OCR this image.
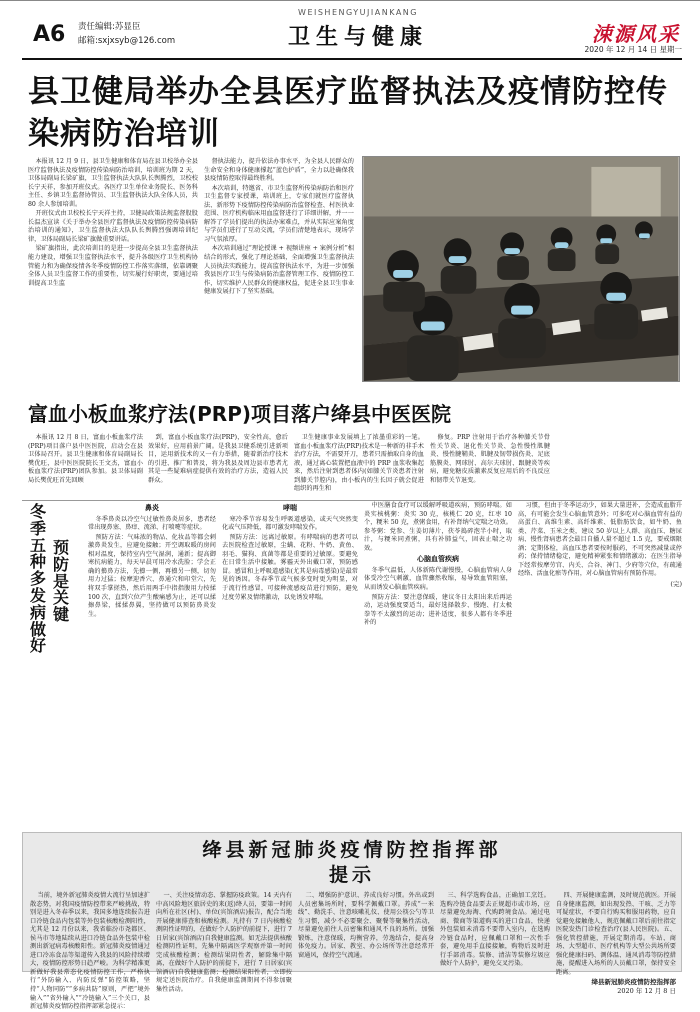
A6 责任编辑:苏显臣
邮箱:sxjxsyb@126.com
WEISHENGYUJIANKANG
卫生与健康	涑源风采
2020 年 12 月 14 日 星期一
县卫健局举办全县医疗监督执法及疫情防控传染病防治培训

本报讯 12 月 9 日，县卫生健康和体育局在县卫校举办全县医疗监督执法及疫情防控传染病防治培训，培训班为期 2 天，卫体局副局长梁矿旗，卫生监督执法大队队长舆腾烈，卫校校长宁天祥，参加开班仪式。各医疗卫生单位业务院长、医务科主任、乡镇卫生监督协管员、卫生监督执法大队全体人员，共 80 余人参加培训。

开班仪式由卫校校长宁天祥主持，卫健局政策法规监督股股长温杰宣读《关于举办全县医疗监督执法及疫情防控传染病防治培训的通知》，卫生监督执法大队队长舆腾烈强调培训纪律，卫体局副局长梁矿旗做重要讲话。

梁矿旗指出，此次培训目的是进一步提高全县卫生监督执法能力建设，增强卫生监督执法水平，提升各级医疗卫生机构协管能力和为确保疫情各冬季疫情防控工作落实落细，依靠调聚全体人员卫生监督工作的重要性，切实履行好职责，要通过培训提高卫生监

督执法能力，提升依法办事水平，为全县人民群众的生命安全和身体健康撑起“蓝色护盾”，全力以赴确保我县疫情防控取得最终胜利。

本次培训，特邀省、市卫生监督所传染病防治和医疗卫生监督专家授课，培训班上，专家们就医疗监督执法、新形势下疫情防控传染病防治监督检查、村医执业范围、医疗机构临床用血监督进行了详细讲解，并一一解答了学员们提出的执法办案难点，并从实际应案角度与学员们进行了互动交流，学员们清楚地表示，现场学习气氛浓厚。

本次培训通过“理论授课 + 视频讲座 + 案例分析”相结合的形式，强化了理论基础，全面增强卫生监督执法人员执法实践能力，提高监督执法水平，为进一步加强我县医疗卫生与传染病防治监督管理工作、疫情防控工作，切实维护人民群众的健康权益，促进全县卫生事业健康发展打下了坚实基础。

富血小板血浆疗法(PRP)项目落户绛县中医医院

本报讯 12 月 8 日，富血小板血浆疗法(PRP)项目落户县中医医院，启动会在县卫体局召开。县卫生健康和体育局副局长樊优旺，县中医医院院长王文杰，富血小板血浆疗法(PRP)团队参加。县卫体局副局长樊优旺首先回顾

到，富血小板血浆疗法(PRP)，安全性高，愈后效果好，应用前景广阔。是我县卫健系统引进新项目，运用新技术的又一有力举措，随着新治疗技术的引进、推广和普及，将为我县及周边县市患者尤其是一些疑难病症提供有效的治疗方法，造福人民群众。

卫生健康事业发展填上了浓墨重彩的一笔。富血小板血浆疗法(PRP)技术是一种新的非手术治疗方法，不需要开刀，患者只需抽取自身的血液，通过离心装置把血液中的 PRP 血浆收集起来，然后注射到患者体内(如膝关节炎患者注射到膝关节腔内)，由小板内的生长因子就会促进组织的再生和

修复。PRP 注射用于治疗各种膝关节骨性关节炎、退化性关节炎、急性慢性肌腱炎、慢性腱鞘炎、肌腱及韧带损伤炎、足底筋膜炎、网球肘、高尔夫球肘、跟腱炎等疾病，避免糖皮质激素反复应用后的不良反应和韧带关节退变。

冬季五种多发病做好
预防是关键
鼻炎

冬季鼻炎以冷空气过敏性鼻炎居多，患者经常出现鼻塞、鼻痒、流涕、打喷嚏等症状。

预防方法：气味浓的物品、化妆品等都会刺激鼻炎发生，应避免接触；开空调取暖的房间相对温度，保持室内空气湿润，通新；提高御寒抗病能力，每天早晨可用冷水洗脸；学会正确的擤鼻方法，先擤一侧，再擤另一侧，切勿用力过猛；按摩迎香穴、鼻通穴和印堂穴，先将双手掌搓热，然后用两手中指指腹用力按揉 100 次，直到穴位产生酸痛感为止，还可以揉擦鼻梁，揉揉鼻翼，坚持做可以预防鼻炎发生。

哮喘

寒冷季节容易发生呼吸道感染，或天气突然变化或气压降低，都可激发哮喘发作。

预防方法：远离过敏原。有哮喘病的患者可以去医院检查过敏原，尘螨、花粉、牛奶、黄鱼、羽毛、猫狗、真菌等都是重要的过敏原。要避免在日常生活中接触。雾霾天外出戴口罩，预防感冒。感冒和上呼吸道感染(尤其是病毒感染)是最常见的诱因。冬春季节或气候多变时更为明显，对于流行性感冒，可接种流感疫苗进行预防，避免过度劳累及情绪激动，以免诱发哮喘。

中医膳食食疗可以缓解呼吸道疾病，预防哮喘。如炎实核桃粥：炎实 30 克，核桃仁 20 克，红枣 10 个，粳米 50 克，煮粥食用，有补肾纳气定喘之功效。参苓粥：党参、生姜切薄片，茯苓捣碎泡半小时，取汁，与粳米同煮粥，具有补肺益气，固表止喘之功效。

心脑血管疾病

冬季气温低，人体新陈代谢慢慢，心脑血管病人身体受冷空气刺激，血管骤然收缩，易导致血管阻塞，从而诱发心脑血管疾病。

预防方法：要注意保暖，建议冬日太阳出来后再运动，运动强度要适当，最好选择散步、慢跑、打太极拳等不太激烈的运动；进补适度，很多人都有冬季进补的

习惯，但由于冬季运动少，如果大量进补，会造成血脂升高，有可能会发生心脑血管意外；可多吃对心脑血管有益的高蛋白、高维生素、高纤维素、低脂肪饮食，如牛奶、鱼类、芹菜、玉米之类，建议 50 岁以上人群、高血压、糖尿病、慢性肾病患者会最目自播人量不超过 1.5 克，要戒烟限酒；定期体检，高血压患者要按时服药，不可突然减量或停药；保持情绪稳定，避免精神紧张和情绪激动；在医生指导下经常按摩劳宫、内关、合谷、神门、少府等穴位，有疏通经络、活血化瘀等作用，对心脑血管病有预防作用。

(完)
绛县新冠肺炎疫情防控指挥部
提示

当前，境外新冠肺炎疫情大流行呈加速扩散态势，对我国疫情防控带来严峻挑战，特别是进入冬春季以来，我国多地连续报告进口冷链食品内包装等外包装核酸检测阳性，尤其是 12 月份以来，我省临汾市尧都区、侯马市等地陆续从进口冷链食品外包装中检测出新冠病毒核酸阳性。新冠肺炎疫情通过进口冷冻食品等渠道传入我县的风险持续增大，疫情防控形势日趋严峻。为科学精准更新做好我县常态化疫情防控工作，严格执行“外防输入、内防反弹”防控策略，坚持“人物同防”“多病共防”原则，严把“境外输入”“省外输入”“冷链输入”三个关口，县新冠肺炎疫情防控指挥部紧急提示：

一、关注疫情动态、掌握防疫政策。14 天内有中高风险地区旅居史的来(返)绛人员，要第一时间向所在社区(村)、单位(宾馆酒店)报告，配合当地开展健康排查和核酸检测。凡持有 7 日内核酸检测阴性证明的，在做好个人防护的前提下，进行 7 日居家(宾馆酒店)自我健康监测。如无法提供核酸检测阴性证明，先集中隔离医学观察并第一时间完成核酸检测；检测结果阴性者，解除集中隔离，在做好个人防护的前提下，进行 7 日居家(宾馆酒店)自我健康监测；检测结果阳性者，立即按规定送医院治疗。自我健康监测期间不得参加聚集性活动。

二、增强防护意识、养成良好习惯。外出或到人员密集场所时，要科学佩戴口罩。养成“一米线”、勤洗手、注意咳嗽礼仪、使用公筷公勺等卫生习惯，减少不必要聚会、聚餐等聚集性活动，尽量避免前往人员密集和通风不良的场所。加强锻炼，注意保暖，均衡营养，劳逸结合，提高身体免疫力。居家、教室、办公场所等注意经常开窗通风，保持空气流通。

三、科学选购食品，正确加工烹饪。选购冷链食品要去正规超市或市场，应尽量避免海淘、代购跨境食品。通过电商、微商等渠道购买的进口食品，快递外包装如未消毒不要带入室内，在选购冷链食品时，应佩戴口罩和一次性手套，避免用手直接接触，购物后及时进行手部消毒。装修、清洁等装修垃圾应做好个人防护，避免交叉污染。

四、开展健康监测，及时规范就医。开展自身健康监测，如出现发热、干咳、乏力等可疑症状，不要自行购买和服用药物，应自觉避免接触他人，规范佩戴口罩后前往指定医院发热门诊检查治疗(县人民医院)。五、强化管控措施，开展定期消毒。车站、商场、大型超市、医疗机构等大型公共场所要强化健康扫码、测体温、通风消毒等防控措施，提醒进入场所的人员戴口罩，保持安全距离。

绛县新冠肺炎疫情防控指挥部
2020 年 12 月 8 日
